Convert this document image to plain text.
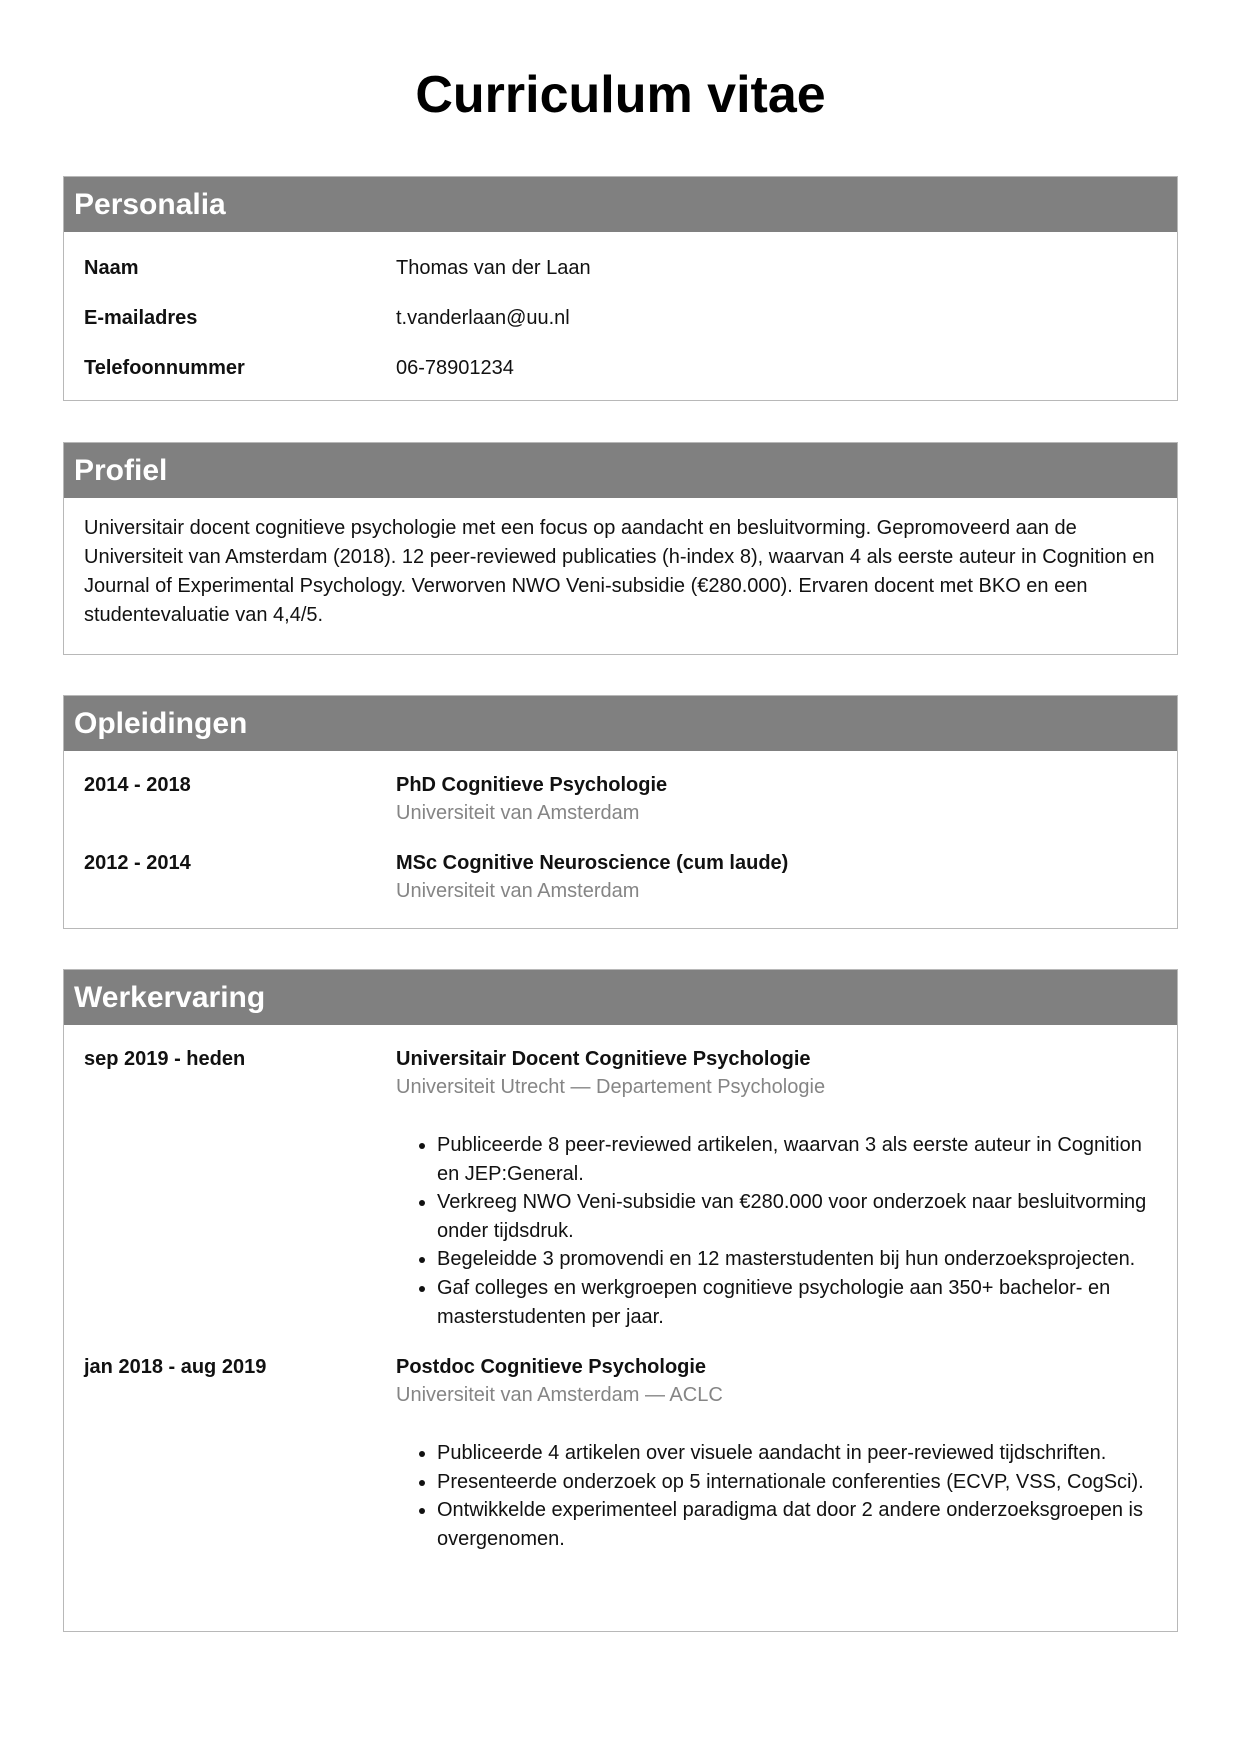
Curriculum vitae
Personalia
Naam	Thomas van der Laan
E-mailadres	t.vanderlaan@uu.nl
Telefoonnummer	06-78901234
Profiel

Universitair docent cognitieve psychologie met een focus op aandacht en besluitvorming. Gepromoveerd aan de Universiteit van Amsterdam (2018). 12 peer-reviewed publicaties (h-index 8), waarvan 4 als eerste auteur in Cognition en Journal of Experimental Psychology. Verworven NWO Veni-subsidie (€280.000). Ervaren docent met BKO en een studentevaluatie van 4,4/5.

Opleidingen
2014 - 2018	PhD Cognitieve Psychologie
Universiteit van Amsterdam
2012 - 2014	MSc Cognitive Neuroscience (cum laude)
Universiteit van Amsterdam
Werkervaring
sep 2019 - heden	Universitair Docent Cognitieve Psychologie
Universiteit Utrecht — Departement Psychologie
• Publiceerde 8 peer-reviewed artikelen, waarvan 3 als eerste auteur in Cognition en JEP:General.
• Verkreeg NWO Veni-subsidie van €280.000 voor onderzoek naar besluitvorming onder tijdsdruk.
• Begeleidde 3 promovendi en 12 masterstudenten bij hun onderzoeksprojecten.
• Gaf colleges en werkgroepen cognitieve psychologie aan 350+ bachelor- en masterstudenten per jaar.
jan 2018 - aug 2019	Postdoc Cognitieve Psychologie
Universiteit van Amsterdam — ACLC
• Publiceerde 4 artikelen over visuele aandacht in peer-reviewed tijdschriften.
• Presenteerde onderzoek op 5 internationale conferenties (ECVP, VSS, CogSci).
• Ontwikkelde experimenteel paradigma dat door 2 andere onderzoeksgroepen is overgenomen.
